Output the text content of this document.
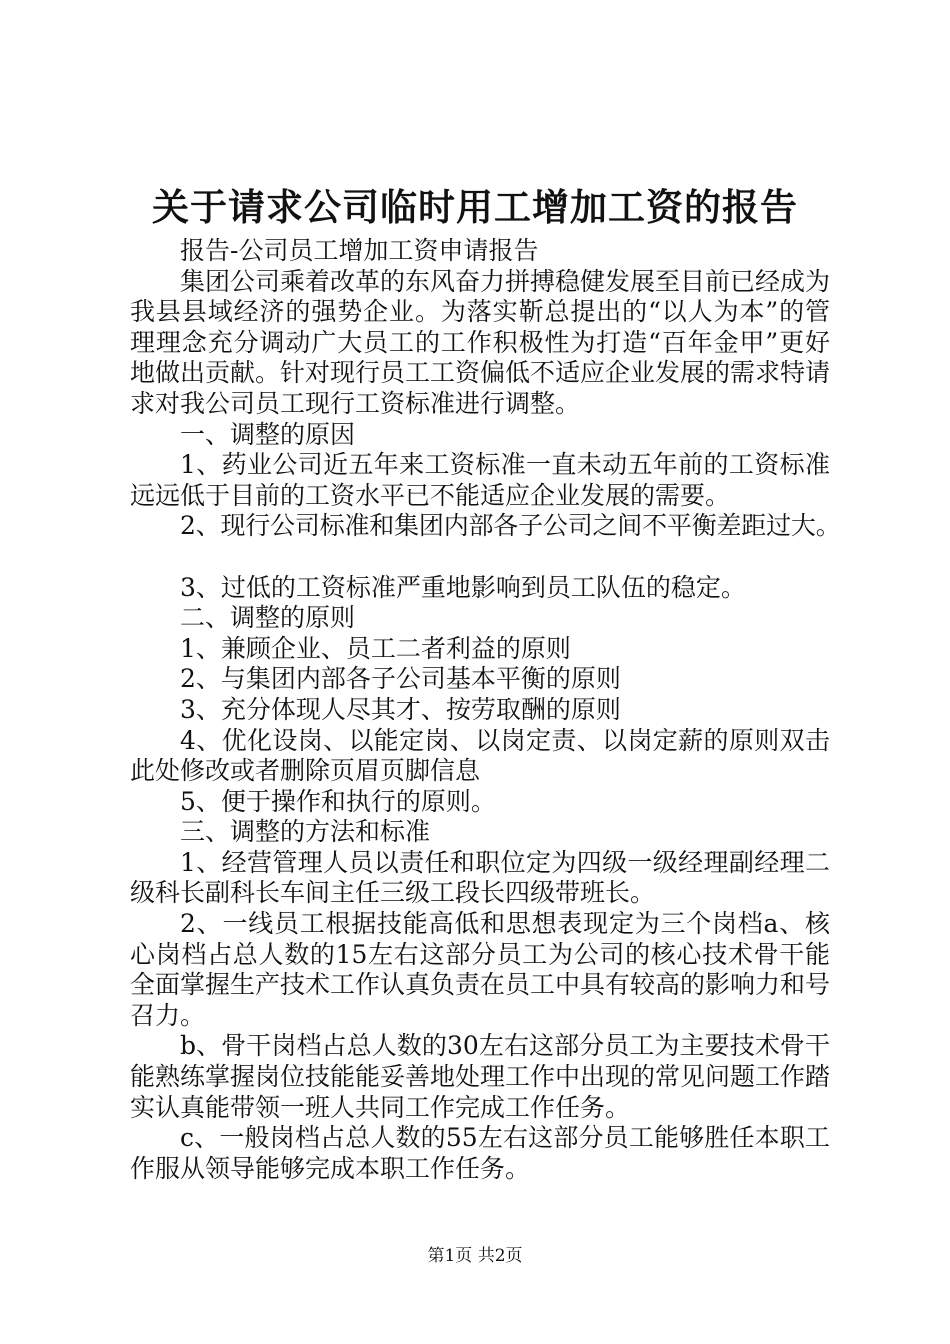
关于请求公司临时用工增加工资的报告

报告-公司员工增加工资申请报告

集团公司乘着改革的东风奋力拼搏稳健发展至目前已经成为我县县域经济的强势企业。为落实靳总提出的“以人为本”的管理理念充分调动广大员工的工作积极性为打造“百年金甲”更好地做出贡献。针对现行员工工资偏低不适应企业发展的需求特请求对我公司员工现行工资标准进行调整。

一、调整的原因

1、药业公司近五年来工资标准一直未动五年前的工资标准远远低于目前的工资水平已不能适应企业发展的需要。

2、现行公司标准和集团内部各子公司之间不平衡差距过大。

3、过低的工资标准严重地影响到员工队伍的稳定。

二、调整的原则

1、兼顾企业、员工二者利益的原则

2、与集团内部各子公司基本平衡的原则

3、充分体现人尽其才、按劳取酬的原则

4、优化设岗、以能定岗、以岗定责、以岗定薪的原则双击此处修改或者删除页眉页脚信息

5、便于操作和执行的原则。

三、调整的方法和标准

1、经营管理人员以责任和职位定为四级一级经理副经理二级科长副科长车间主任三级工段长四级带班长。

2、一线员工根据技能高低和思想表现定为三个岗档a、核心岗档占总人数的15左右这部分员工为公司的核心技术骨干能全面掌握生产技术工作认真负责在员工中具有较高的影响力和号召力。

b、骨干岗档占总人数的30左右这部分员工为主要技术骨干能熟练掌握岗位技能能妥善地处理工作中出现的常见问题工作踏实认真能带领一班人共同工作完成工作任务。

c、一般岗档占总人数的55左右这部分员工能够胜任本职工作服从领导能够完成本职工作任务。

第1页 共2页
